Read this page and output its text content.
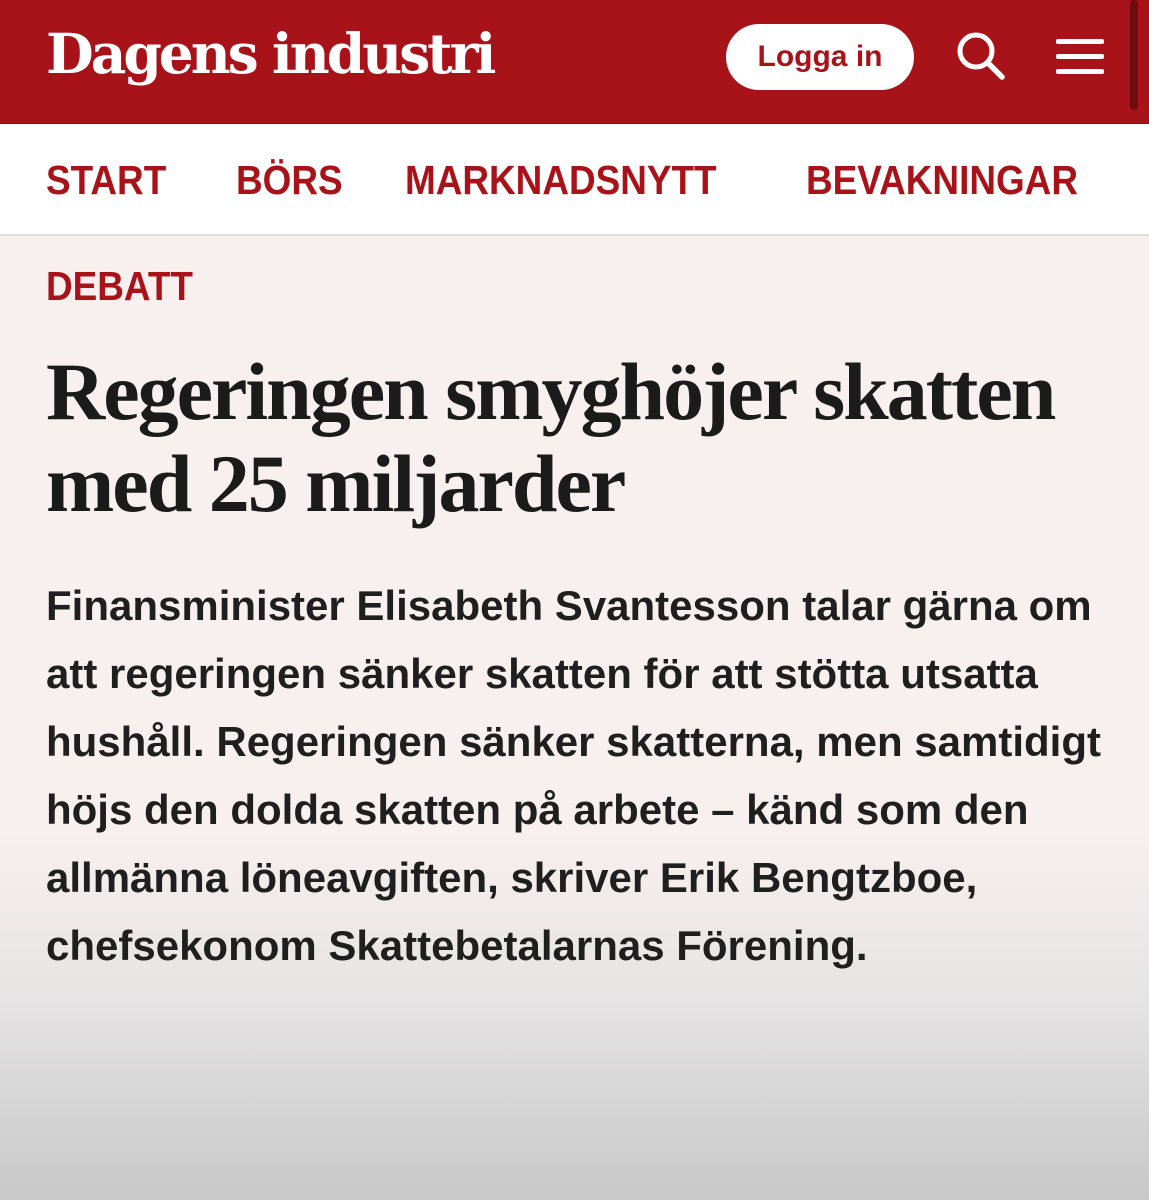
Dagens industri	Logga in
START BÖRS MARKNADSNYTT BEVAKNINGAR
DEBATT
Regeringen smyghöjer skatten med 25 miljarder

Finansminister Elisabeth Svantesson talar gärna om att regeringen sänker skatten för att stötta utsatta hushåll. Regeringen sänker skatterna, men samtidigt höjs den dolda skatten på arbete – känd som den allmänna löneavgiften, skriver Erik Bengtzboe, chefsekonom Skattebetalarnas Förening.
